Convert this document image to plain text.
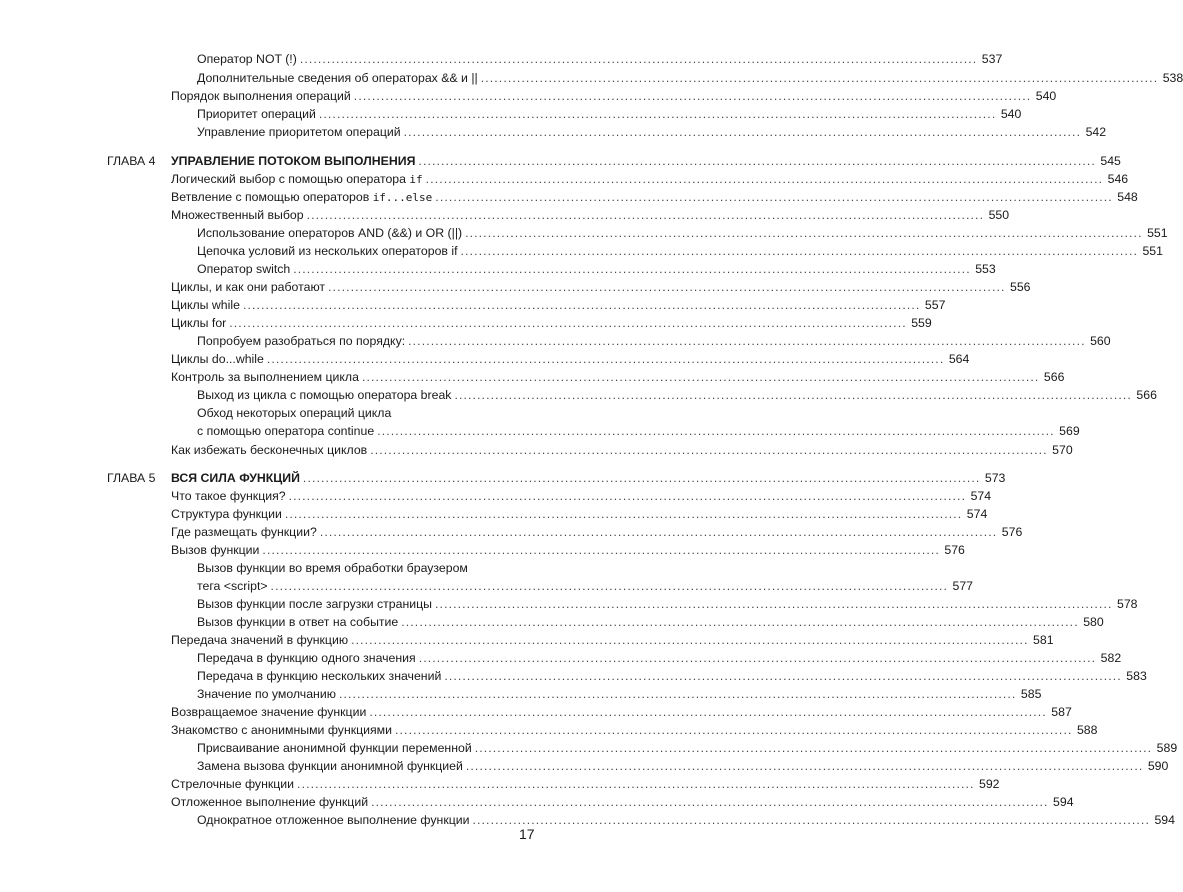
Оператор NOT (!) .....	537
Дополнительные сведения об операторах && и || .....	538
Порядок выполнения операций .....	540
Приоритет операций .....	540
Управление приоритетом операций .....	542
ГЛАВА 4 УПРАВЛЕНИЕ ПОТОКОМ ВЫПОЛНЕНИЯ .....	545
Логический выбор с помощью оператора if .....	546
Ветвление с помощью операторов if...else .....	548
Множественный выбор .....	550
Использование операторов AND (&&) и OR (||) .....	551
Цепочка условий из нескольких операторов if .....	551
Оператор switch .....	553
Циклы, и как они работают .....	556
Циклы while .....	557
Циклы for .....	559
Попробуем разобраться по порядку: .....	560
Циклы do...while .....	564
Контроль за выполнением цикла .....	566
Выход из цикла с помощью оператора break .....	566
Обход некоторых операций цикла
с помощью оператора continue .....	569
Как избежать бесконечных циклов .....	570
ГЛАВА 5 ВСЯ СИЛА ФУНКЦИЙ .....	573
Что такое функция? .....	574
Структура функции .....	574
Где размещать функции? .....	576
Вызов функции .....	576
Вызов функции во время обработки браузером
тега <script> .....	577
Вызов функции после загрузки страницы .....	578
Вызов функции в ответ на событие .....	580
Передача значений в функцию .....	581
Передача в функцию одного значения .....	582
Передача в функцию нескольких значений .....	583
Значение по умолчанию .....	585
Возвращаемое значение функции .....	587
Знакомство с анонимными функциями .....	588
Присваивание анонимной функции переменной .....	589
Замена вызова функции анонимной функцией .....	590
Стрелочные функции .....	592
Отложенное выполнение функций .....	594
Однократное отложенное выполнение функции .....	594
17
